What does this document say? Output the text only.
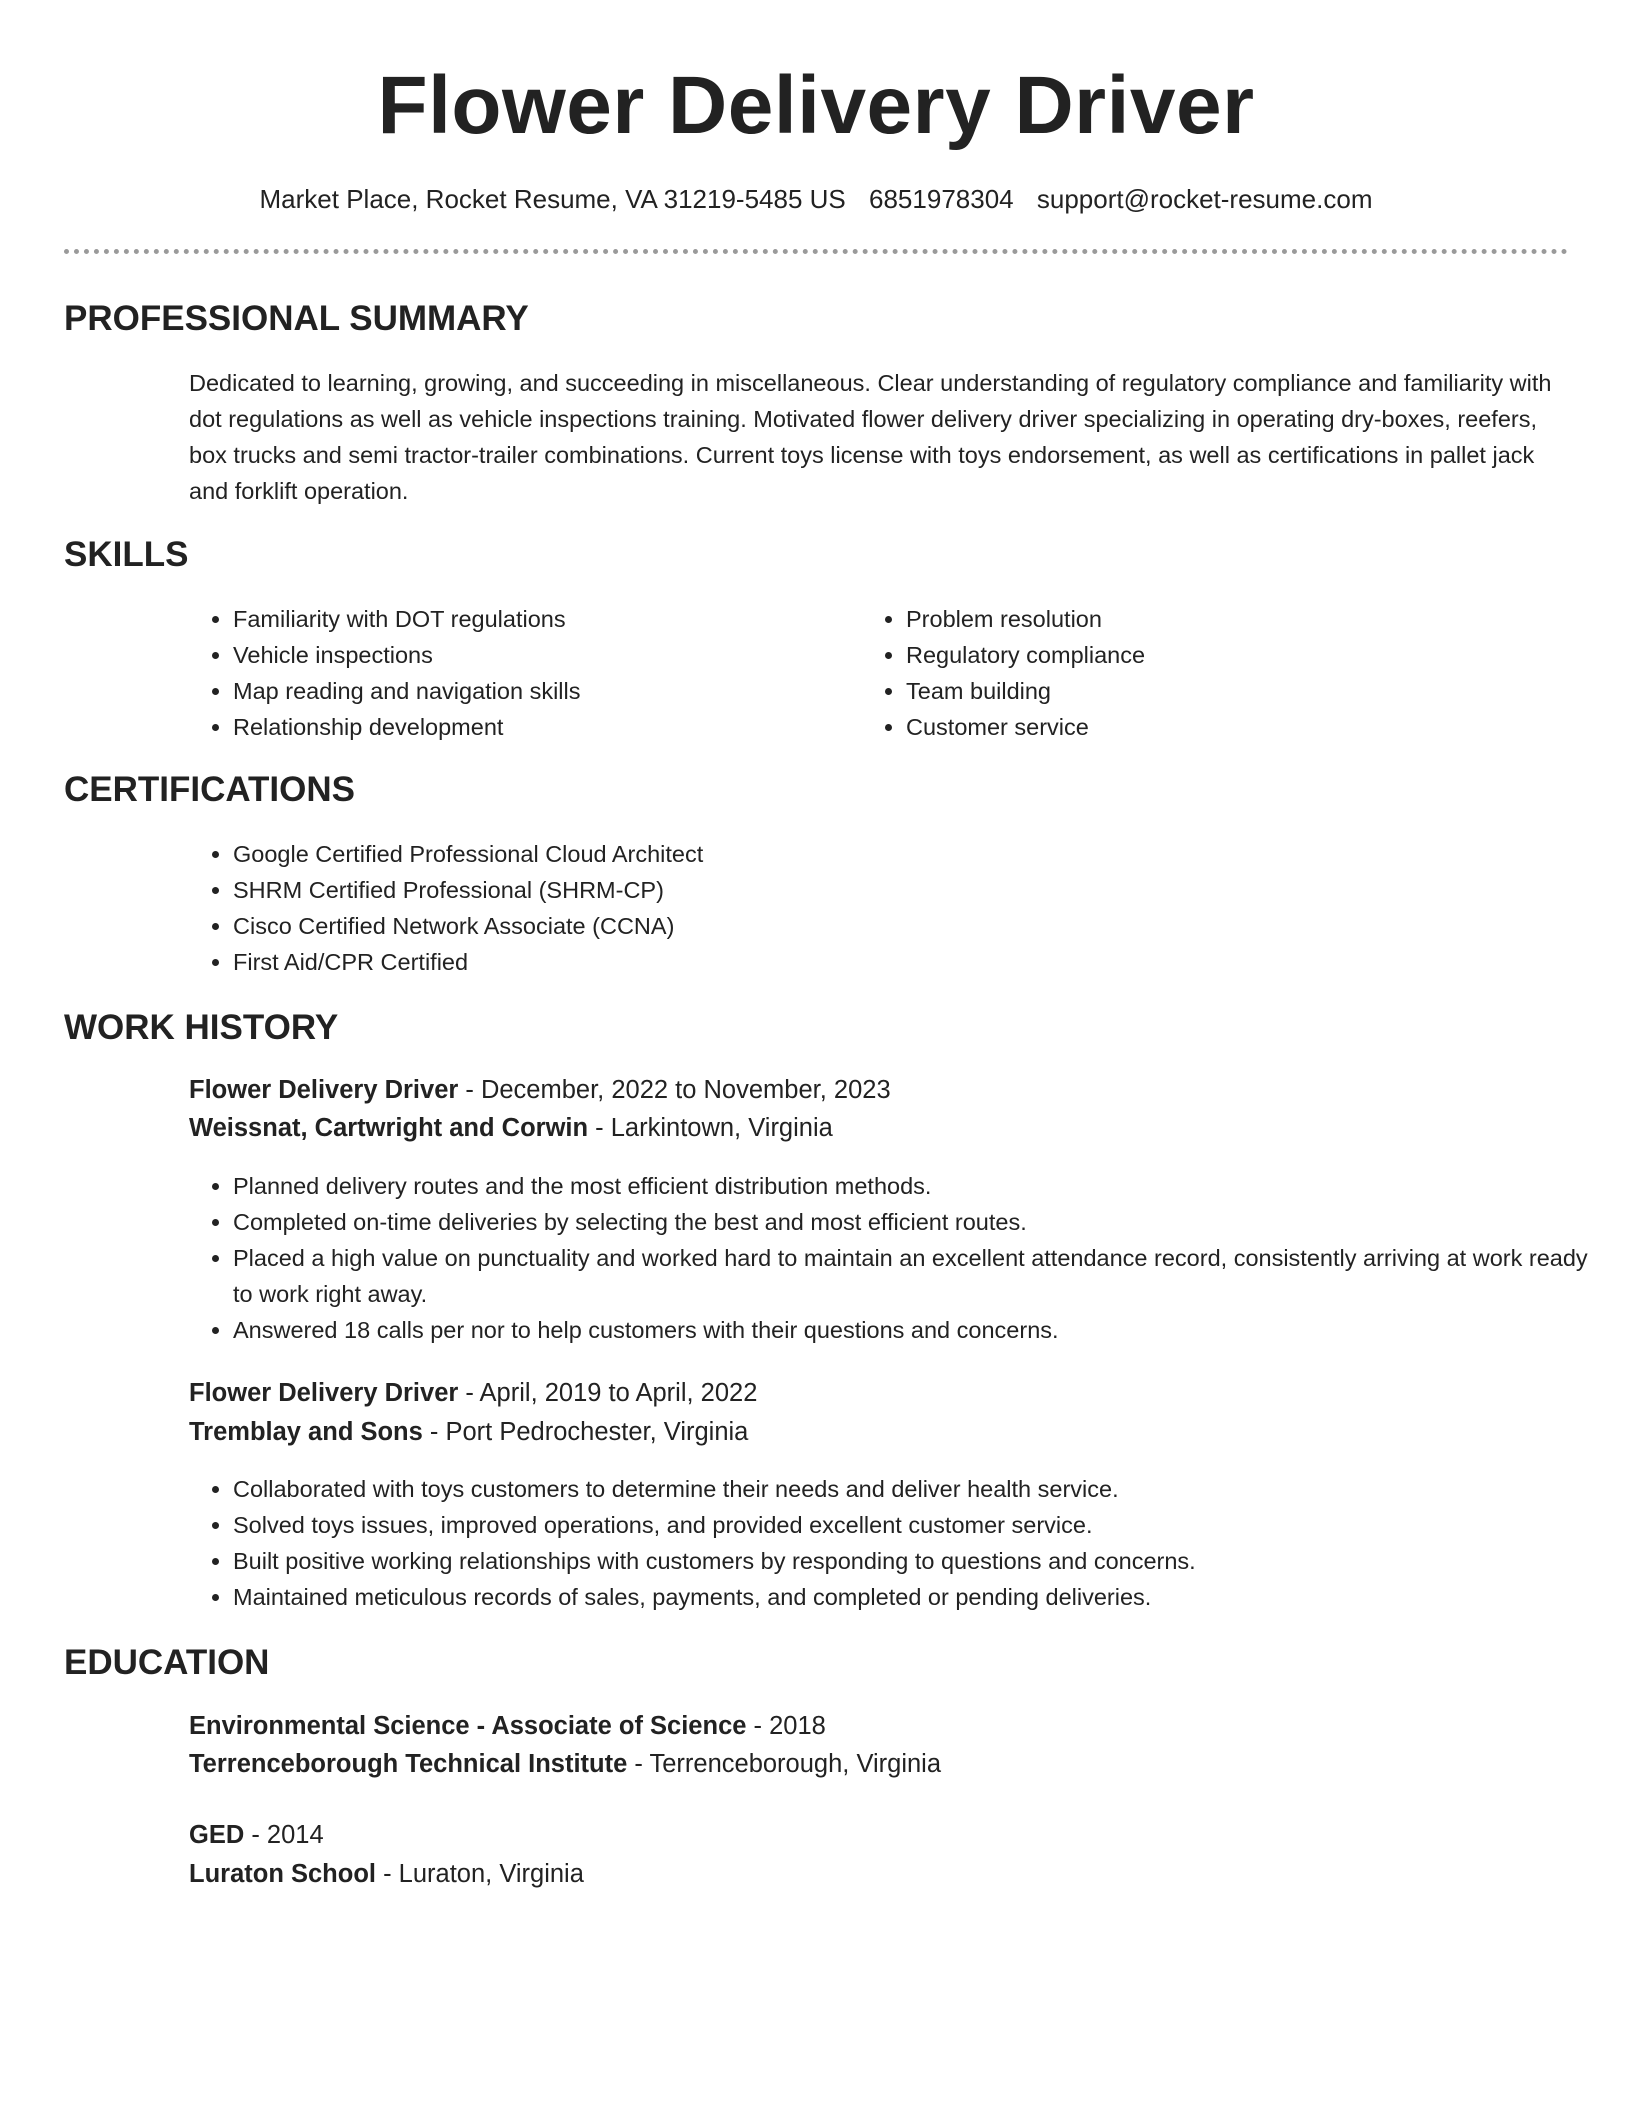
Flower Delivery Driver
Market Place, Rocket Resume, VA 31219-5485 US 6851978304 support@rocket-resume.com
PROFESSIONAL SUMMARY

Dedicated to learning, growing, and succeeding in miscellaneous. Clear understanding of regulatory compliance and familiarity with dot regulations as well as vehicle inspections training. Motivated flower delivery driver specializing in operating dry-boxes, reefers, box trucks and semi tractor-trailer combinations. Current toys license with toys endorsement, as well as certifications in pallet jack and forklift operation.

SKILLS
• Familiarity with DOT regulations
• Vehicle inspections
• Map reading and navigation skills
• Relationship development
• Problem resolution
• Regulatory compliance
• Team building
• Customer service
CERTIFICATIONS
• Google Certified Professional Cloud Architect
• SHRM Certified Professional (SHRM-CP)
• Cisco Certified Network Associate (CCNA)
• First Aid/CPR Certified
WORK HISTORY

Flower Delivery Driver - December, 2022 to November, 2023

Weissnat, Cartwright and Corwin - Larkintown, Virginia

• Planned delivery routes and the most efficient distribution methods.
• Completed on-time deliveries by selecting the best and most efficient routes.
• Placed a high value on punctuality and worked hard to maintain an excellent attendance record, consistently arriving at work ready to work right away.
• Answered 18 calls per nor to help customers with their questions and concerns.

Flower Delivery Driver - April, 2019 to April, 2022

Tremblay and Sons - Port Pedrochester, Virginia

• Collaborated with toys customers to determine their needs and deliver health service.
• Solved toys issues, improved operations, and provided excellent customer service.
• Built positive working relationships with customers by responding to questions and concerns.
• Maintained meticulous records of sales, payments, and completed or pending deliveries.
EDUCATION

Environmental Science - Associate of Science - 2018

Terrenceborough Technical Institute - Terrenceborough, Virginia

GED - 2014

Luraton School - Luraton, Virginia
